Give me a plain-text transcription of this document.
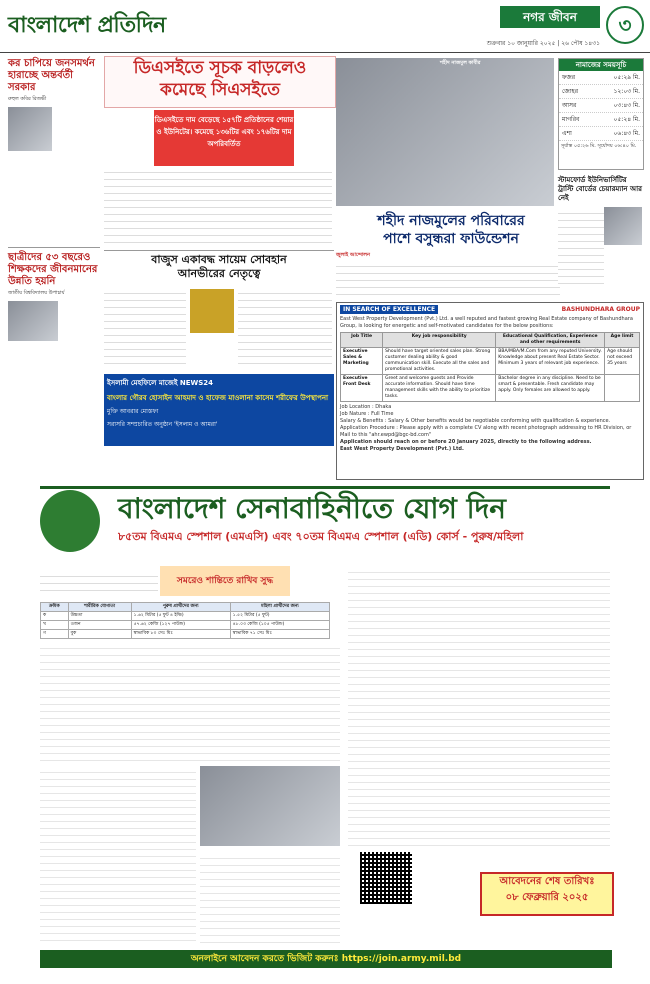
বাংলাদেশ প্রতিদিন	নগর জীবন	৩
শুক্রবার ১০ জানুয়ারি ২০২৫ | ২৬ পৌষ ১৪৩১
কর চাপিয়ে জনসমর্থন হারাচ্ছে অন্তর্বর্তী সরকার
রুহুল কবির রিজভী
ছাত্রীদের ৫৩ বছরেও শিক্ষকদের জীবনমানের উন্নতি হয়নি
জাতীয় বিশ্ববিদ্যালয় উপাচার্য
ডিএসইতে সূচক বাড়লেও
কমেছে সিএসইতে
ডিএসইতে দাম বেড়েছে ১৫৭টি প্রতিষ্ঠানের শেয়ার ও ইউনিটের। কমেছে ১৩৬টির এবং ১৭৬টির দাম অপরিবর্তিত
বাজুস একাবদ্ধ সায়েম সোবহান
আনভীরের নেতৃত্বে
ইসলামী মেহফিলে মাজেই NEWS24
বাংলার গৌরব হোসাইন আহমাদ ও হাফেজ মাওলানা কাসেম শরীফের উপস্থাপনা
মুক্তি আবরার মোস্তফা
সরাসরি সম্প্রচারিত অনুষ্ঠান 'ইসলাম ও আমরা'
শহীদ নাজমুল কাবীর
শহীদ নাজমুলের পরিবারের
পাশে বসুন্ধরা ফাউন্ডেশন
জুলাই আন্দোলন
নামাজের সময়সূচি
ফজর	০৫:২৯ মি.
জোহর	১২:০৩ মি.
আসর	০৩:৪৩ মি.
মাগরিব	০৫:২৪ মি.
এশা	০৬:৪৩ মি.
সূর্যাস্ত ০৫:২৬ মি. সূর্যোদয় ০৬:৪০ মি.
স্টামফোর্ড ইউনিভার্সিটির ট্রাস্টি বোর্ডের চেয়ারম্যান আর নেই
IN SEARCH OF EXCELLENCE	BASHUNDHARA GROUP
East West Property Development (Pvt.) Ltd. a well reputed and fastest growing Real Estate company of Bashundhara Group, is looking for energetic and self-motivated candidates for the below positions:
Job Title	Key job responsibility	Educational Qualification, Experience and other requirements	Age limit
Executive Sales & Marketing	Should have target oriented sales plan. Strong customer dealing ability & good communication skill. Execute all the sales and promotional activities.	BBA/MBA/M.Com from any reputed University. Knowledge about present Real Estate Sector. Minimum 3 years of relevant job experience.	Age should not exceed 35 years
Executive Front Desk	Greet and welcome guests and Provide accurate information. Should have time management skills with the ability to prioritize tasks.	Bachelor degree in any discipline. Need to be smart & presentable. Fresh candidate may apply. Only females are allowed to apply.	
Job Location : Dhaka
Job Nature : Full Time
Salary & Benefits : Salary & Other benefits would be negotiable conforming with qualification & experience.
Application Procedure : Please apply with a complete CV along with recent photograph addressing to HR Division, or Mail to this "ahr.ewpd@bgc-bd.com"
Application should reach on or before 20 January 2025, directly to the following address.
East West Property Development (Pvt.) Ltd.
বাংলাদেশ সেনাবাহিনীতে যোগ দিন
৮৫তম বিএমএ স্পেশাল (এমএসি) এবং ৭০তম বিএমএ স্পেশাল (এডি) কোর্স - পুরুষ/মহিলা
সমরেও শান্তিতে রাখিব সুদ্ধ
ক্রমিক	শারীরিক যোগ্যতা	পুরুষ প্রার্থীদের জন্য	মহিলা প্রার্থীদের জন্য
ক	উচ্চতা	১.৬২ মিটার (৫ ফুট ৪ ইঞ্চি)	১.৫২ মিটার (৫ ফুট)
খ	ওজন	৫৭.৬২ কেজি (১২৭ পাউন্ড)	৪৮.০৩ কেজি (১০৫ পাউন্ড)
গ	বুক	স্বাভাবিক ৮০ সেঃ মিঃ	স্বাভাবিক ৭১ সেঃ মিঃ
আবেদনের শেষ তারিখঃ
০৮ ফেব্রুয়ারি ২০২৫
অনলাইনে আবেদন করতে ভিজিট করুনঃ https://join.army.mil.bd
